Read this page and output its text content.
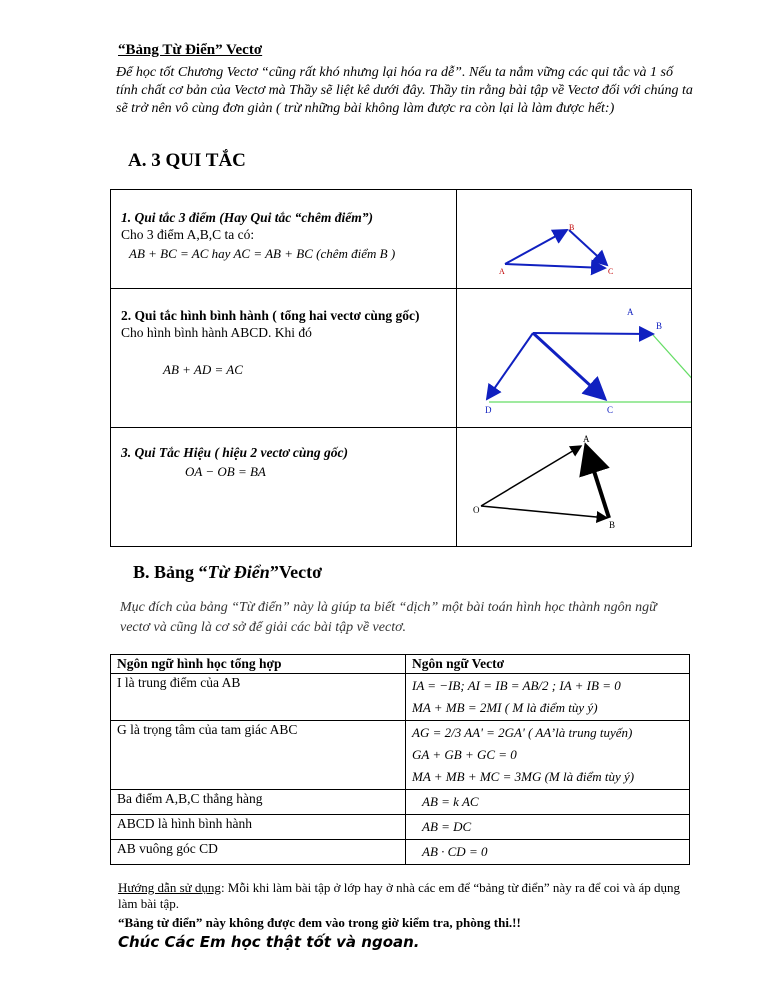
“Bảng Từ Điển” Vectơ
Để học tốt Chương Vectơ “cũng rất khó nhưng lại hóa ra dễ”. Nếu ta nắm vững các qui tắc và 1 số tính chất cơ bản của Vectơ mà Thầy sẽ liệt kê dưới đây. Thầy tin rằng bài tập về Vectơ đối với chúng ta sẽ trở nên vô cùng đơn giản ( trừ những bài không làm được ra còn lại là làm được hết:)
A. 3 QUI TẮC
1. Qui tắc 3 điểm (Hay Qui tắc “chêm điểm”)
Cho 3 điểm A,B,C ta có:
AB + BC = AC hay AC = AB + BC (chêm điểm B )
A
B
C
2. Qui tắc hình bình hành ( tổng hai vectơ cùng gốc)
Cho hình bình hành ABCD. Khi đó
AB + AD = AC
A
B
C
D
3. Qui Tắc Hiệu ( hiệu 2 vectơ cùng gốc)
OA − OB = BA
A
O
B
B. Bảng “Từ Điển”Vectơ
Mục đích của bảng “Từ điển” này là giúp ta biết “dịch” một bài toán hình học thành ngôn ngữ vectơ và cũng là cơ sở để giải các bài tập về vectơ.
Ngôn ngữ hình học tổng hợp	Ngôn ngữ Vectơ
I là trung điểm của AB	IA = −IB; AI = IB = AB/2 ; IA + IB = 0
MA + MB = 2MI ( M là điểm tùy ý)

G là trọng tâm của tam giác ABC	AG = 2/3 AA' = 2GA' ( AA’là trung tuyến)
GA + GB + GC = 0
MA + MB + MC = 3MG (M là điểm tùy ý)

Ba điểm A,B,C thẳng hàng	AB = k AC

ABCD là hình bình hành	AB = DC

AB vuông góc CD	AB · CD = 0
Hướng dẫn sử dụng: Mỗi khi làm bài tập ở lớp hay ở nhà các em để “bảng từ điển” này ra để coi và áp dụng làm bài tập.
“Bảng từ điển” này không được đem vào trong giờ kiểm tra, phòng thi.!!
Chúc Các Em học thật tốt và ngoan.
